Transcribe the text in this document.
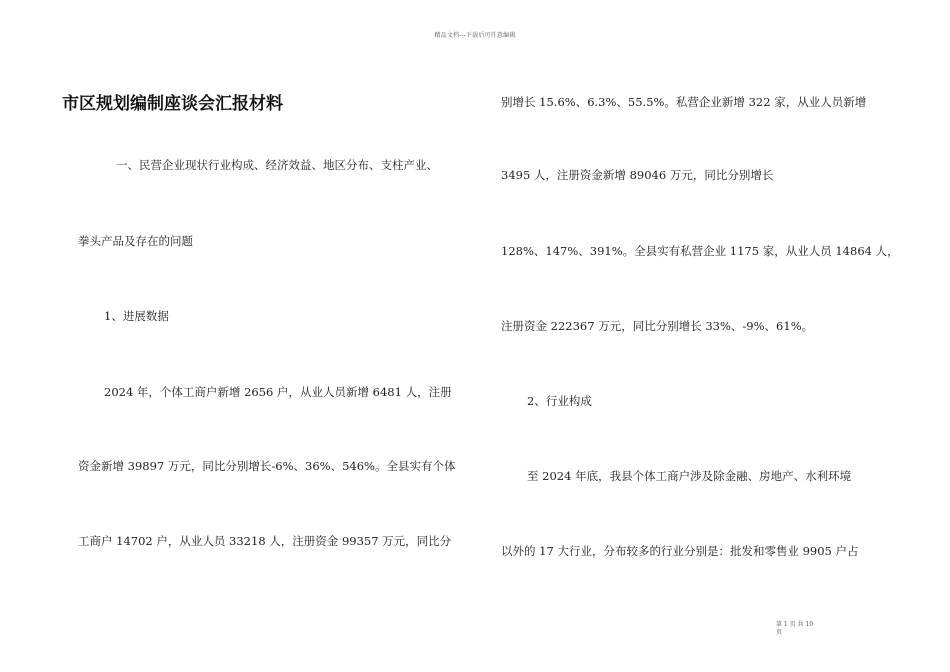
精品文档---下载后可任意编辑
市区规划编制座谈会汇报材料
一、民营企业现状行业构成、经济效益、地区分布、支柱产业、
拳头产品及存在的问题
1、进展数据
2024 年，个体工商户新增 2656 户，从业人员新增 6481 人，注册
资金新增 39897 万元，同比分别增长-6%、36%、546%。全县实有个体
工商户 14702 户，从业人员 33218 人，注册资金 99357 万元，同比分
别增长 15.6%、6.3%、55.5%。私营企业新增 322 家，从业人员新增
3495 人，注册资金新增 89046 万元，同比分别增长
128%、147%、391%。全县实有私营企业 1175 家，从业人员 14864 人，
注册资金 222367 万元，同比分别增长 33%、-9%、61%。
2、行业构成
至 2024 年底，我县个体工商户涉及除金融、房地产、水利环境
以外的 17 大行业，分布较多的行业分别是：批发和零售业 9905 户占
第 1 页 共 10
页
